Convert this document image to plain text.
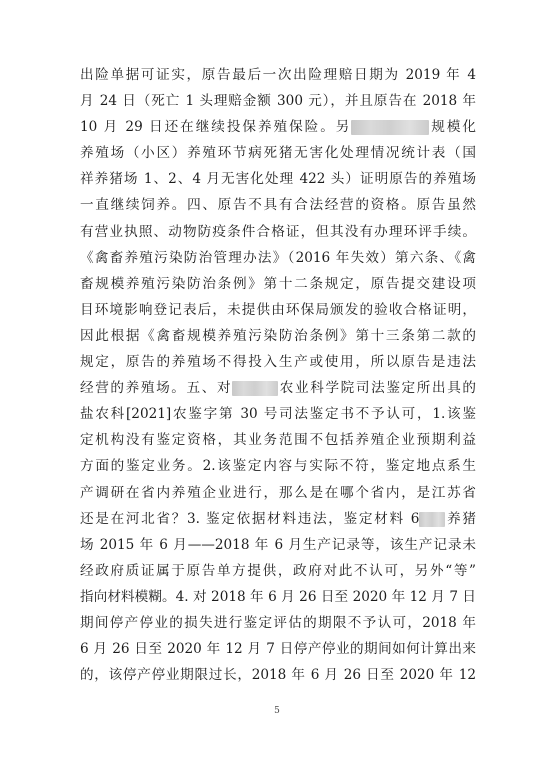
出险单据可证实，原告最后一次出险理赔日期为 2019 年 4
月 24 日（死亡 1 头理赔金额 300 元），并且原告在 2018 年
10 月 29 日还在继续投保养殖保险。另	规模化
养殖场（小区）养殖环节病死猪无害化处理情况统计表（国
祥养猪场 1、2、4 月无害化处理 422 头）证明原告的养殖场
一直继续饲养。四、原告不具有合法经营的资格。原告虽然
有营业执照、动物防疫条件合格证，但其没有办理环评手续。
《禽畜养殖污染防治管理办法》（2016 年失效）第六条、《禽
畜规模养殖污染防治条例》第十二条规定，原告提交建设项
目环境影响登记表后，未提供由环保局颁发的验收合格证明，
因此根据《禽畜规模养殖污染防治条例》第十三条第二款的
规定，原告的养殖场不得投入生产或使用，所以原告是违法
经营的养殖场。五、对	农业科学院司法鉴定所出具的
盐农科[2021]农鉴字第 30 号司法鉴定书不予认可，1.该鉴
定机构没有鉴定资格，其业务范围不包括养殖企业预期利益
方面的鉴定业务。2.该鉴定内容与实际不符，鉴定地点系生
产调研在省内养殖企业进行，那么是在哪个省内，是江苏省
还是在河北省？3. 鉴定依据材料违法，鉴定材料 6 养猪
场 2015 年 6 月——2018 年 6 月生产记录等，该生产记录未
经政府质证属于原告单方提供，政府对此不认可，另外“等”
指向材料模糊。4. 对 2018 年 6 月 26 日至 2020 年 12 月 7 日
期间停产停业的损失进行鉴定评估的期限不予认可，2018 年
6 月 26 日至 2020 年 12 月 7 日停产停业的期间如何计算出来
的，该停产停业期限过长，2018 年 6 月 26 日至 2020 年 12
5
